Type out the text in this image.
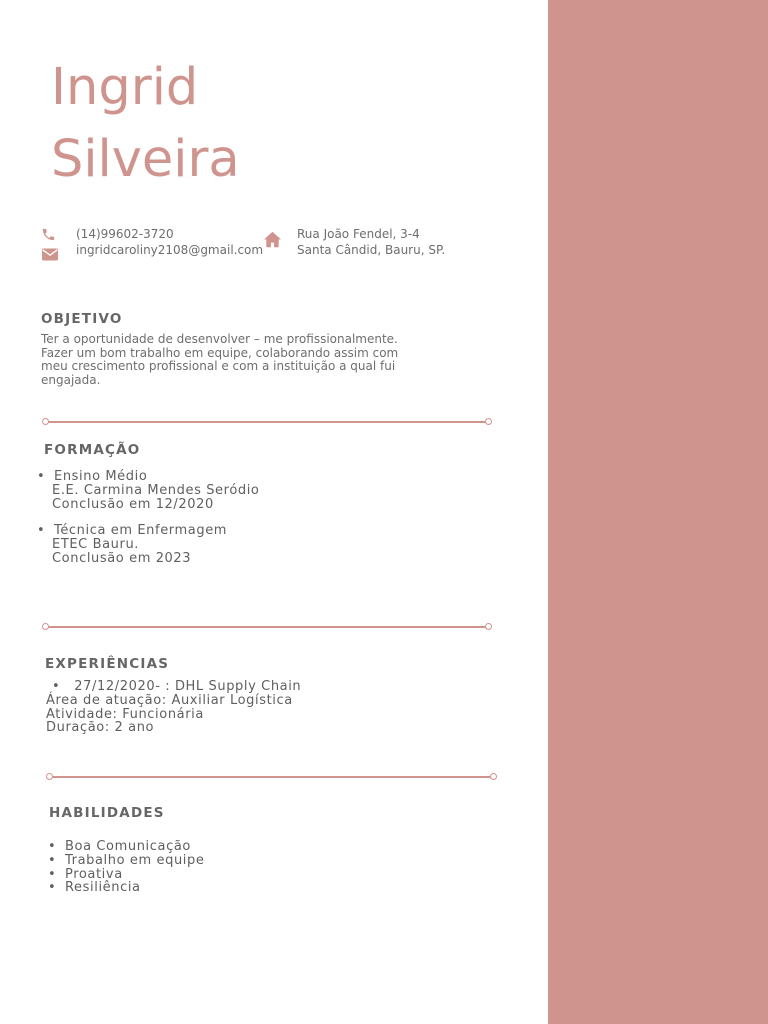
Ingrid
Silveira
(14)99602-3720
ingridcaroliny2108@gmail.com
Rua João Fendel, 3-4
Santa Cândid, Bauru, SP.
OBJETIVO
Ter a oportunidade de desenvolver – me profissionalmente.
Fazer um bom trabalho em equipe, colaborando assim com
meu crescimento profissional e com a instituição a qual fui
engajada.
FORMAÇÃO
• Ensino Médio
E.E. Carmina Mendes Seródio
Conclusão em 12/2020
• Técnica em Enfermagem
ETEC Bauru.
Conclusão em 2023
EXPERIÊNCIAS
• 27/12/2020- : DHL Supply Chain
Área de atuação: Auxiliar Logística
Atividade: Funcionária
Duração: 2 ano
HABILIDADES
• Boa Comunicação
• Trabalho em equipe
• Proativa
• Resiliência
